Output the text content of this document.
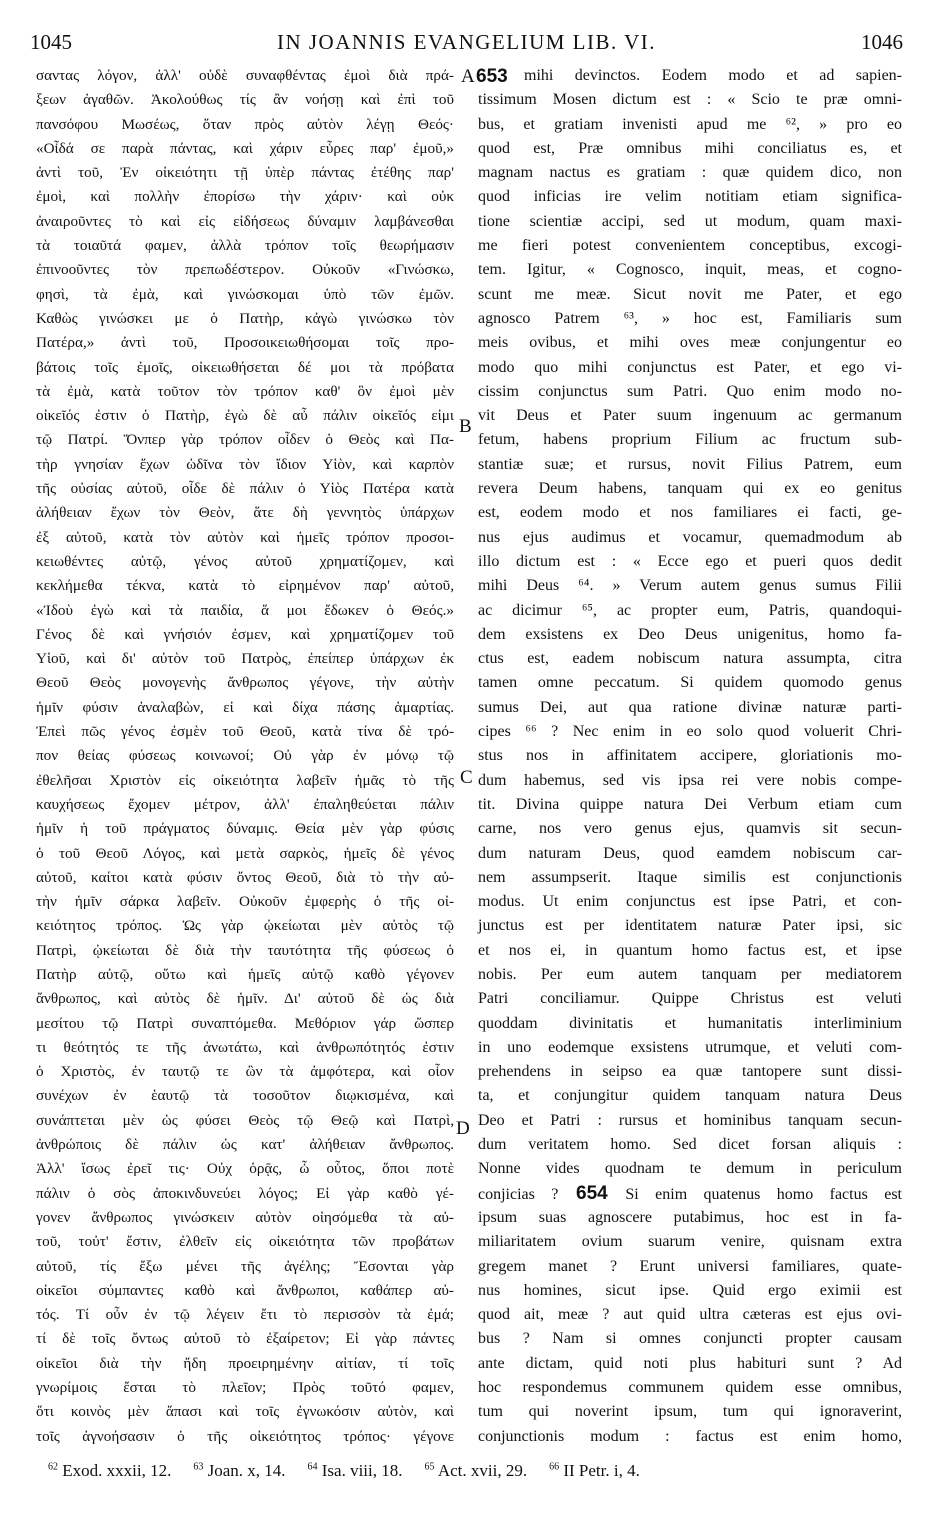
1045	IN JOANNIS EVANGELIUM LIB. VI.	1046
σαντας λόγον, ἀλλ' οὐδὲ συναφθέντας ἐμοὶ διὰ πρά-
ξεων ἀγαθῶν. Ἀκολούθως τίς ἂν νοήσῃ καὶ ἐπὶ τοῦ
πανσόφου Μωσέως, ὅταν πρὸς αὐτὸν λέγῃ Θεός·
«Οἶδά σε παρὰ πάντας, καὶ χάριν εὗρες παρ' ἐμοῦ,»
ἀντὶ τοῦ, Ἐν οἰκειότητι τῇ ὑπὲρ πάντας ἐτέθης παρ'
ἐμοὶ, καὶ πολλὴν ἐπορίσω τὴν χάριν· καὶ οὐκ
ἀναιροῦντες τὸ καὶ εἰς εἰδήσεως δύναμιν λαμβάνεσθαι
τὰ τοιαῦτά φαμεν, ἀλλὰ τρόπον τοῖς θεωρήμασιν
ἐπινοοῦντες τὸν πρεπωδέστερον. Οὐκοῦν «Γινώσκω,
φησὶ, τὰ ἐμὰ, καὶ γινώσκομαι ὑπὸ τῶν ἐμῶν.
Καθὼς γινώσκει με ὁ Πατὴρ, κἀγὼ γινώσκω τὸν
Πατέρα,» ἀντὶ τοῦ, Προσοικειωθήσομαι τοῖς προ-
βάτοις τοῖς ἐμοῖς, οἰκειωθήσεται δέ μοι τὰ πρόβατα
τὰ ἐμὰ, κατὰ τοῦτον τὸν τρόπον καθ' ὃν ἐμοὶ μὲν
οἰκεῖός ἐστιν ὁ Πατὴρ, ἐγὼ δὲ αὖ πάλιν οἰκεῖός εἰμι
τῷ Πατρί. Ὅνπερ γὰρ τρόπον οἶδεν ὁ Θεὸς καὶ Πα-
τὴρ γνησίαν ἔχων ὠδῖνα τὸν ἴδιον Υἱὸν, καὶ καρπὸν
τῆς οὐσίας αὐτοῦ, οἶδε δὲ πάλιν ὁ Υἱὸς Πατέρα κατὰ
ἀλήθειαν ἔχων τὸν Θεὸν, ἅτε δὴ γεννητὸς ὑπάρχων
ἐξ αὐτοῦ, κατὰ τὸν αὐτὸν καὶ ἡμεῖς τρόπον προσοι-
κειωθέντες αὐτῷ, γένος αὐτοῦ χρηματίζομεν, καὶ
κεκλήμεθα τέκνα, κατὰ τὸ εἰρημένον παρ' αὐτοῦ,
«Ἰδοὺ ἐγὼ καὶ τὰ παιδία, ἅ μοι ἔδωκεν ὁ Θεός.»
Γένος δὲ καὶ γνήσιόν ἐσμεν, καὶ χρηματίζομεν τοῦ
Υἱοῦ, καὶ δι' αὐτὸν τοῦ Πατρὸς, ἐπείπερ ὑπάρχων ἐκ
Θεοῦ Θεὸς μονογενὴς ἄνθρωπος γέγονε, τὴν αὐτὴν
ἡμῖν φύσιν ἀναλαβὼν, εἰ καὶ δίχα πάσης ἁμαρτίας.
Ἐπεὶ πῶς γένος ἐσμὲν τοῦ Θεοῦ, κατὰ τίνα δὲ τρό-
πον θείας φύσεως κοινωνοί; Οὐ γὰρ ἐν μόνῳ τῷ
ἐθελῆσαι Χριστὸν εἰς οἰκειότητα λαβεῖν ἡμᾶς τὸ τῆς
καυχήσεως ἔχομεν μέτρον, ἀλλ' ἐπαληθεύεται πάλιν
ἡμῖν ἡ τοῦ πράγματος δύναμις. Θεία μὲν γὰρ φύσις
ὁ τοῦ Θεοῦ Λόγος, καὶ μετὰ σαρκὸς, ἡμεῖς δὲ γένος
αὐτοῦ, καίτοι κατὰ φύσιν ὄντος Θεοῦ, διὰ τὸ τὴν αὐ-
τὴν ἡμῖν σάρκα λαβεῖν. Οὐκοῦν ἐμφερὴς ὁ τῆς οἰ-
κειότητος τρόπος. Ὡς γὰρ ᾠκείωται μὲν αὐτὸς τῷ
Πατρὶ, ᾠκείωται δὲ διὰ τὴν ταυτότητα τῆς φύσεως ὁ
Πατὴρ αὐτῷ, οὕτω καὶ ἡμεῖς αὐτῷ καθὸ γέγονεν
ἄνθρωπος, καὶ αὐτὸς δὲ ἡμῖν. Δι' αὐτοῦ δὲ ὡς διὰ
μεσίτου τῷ Πατρὶ συναπτόμεθα. Μεθόριον γάρ ὥσπερ
τι θεότητός τε τῆς ἀνωτάτω, καὶ ἀνθρωπότητός ἐστιν
ὁ Χριστὸς, ἐν ταυτῷ τε ὢν τὰ ἀμφότερα, καὶ οἷον
συνέχων ἐν ἑαυτῷ τὰ τοσοῦτον διῳκισμένα, καὶ
συνάπτεται μὲν ὡς φύσει Θεὸς τῷ Θεῷ καὶ Πατρὶ,
ἀνθρώποις δὲ πάλιν ὡς κατ' ἀλήθειαν ἄνθρωπος.
Ἀλλ' ἴσως ἐρεῖ τις· Οὐχ ὁρᾷς, ὦ οὗτος, ὅποι ποτὲ
πάλιν ὁ σὸς ἀποκινδυνεύει λόγος; Εἰ γὰρ καθὸ γέ-
γονεν ἄνθρωπος γινώσκειν αὐτὸν οἰησόμεθα τὰ αὐ-
τοῦ, τοὐτ' ἔστιν, ἐλθεῖν εἰς οἰκειότητα τῶν προβάτων
αὐτοῦ, τίς ἔξω μένει τῆς ἀγέλης; Ἔσονται γὰρ
οἰκεῖοι σύμπαντες καθὸ καὶ ἄνθρωποι, καθάπερ αὐ-
τός. Τί οὖν ἐν τῷ λέγειν ἔτι τὸ περισσὸν τὰ ἐμά;
τί δὲ τοῖς ὄντως αὐτοῦ τὸ ἐξαίρετον; Εἰ γὰρ πάντες
οἰκεῖοι διὰ τὴν ἤδη προειρημένην αἰτίαν, τί τοῖς
γνωρίμοις ἔσται τὸ πλεῖον; Πρὸς τοῦτό φαμεν,
ὅτι κοινὸς μὲν ἅπασι καὶ τοῖς ἐγνωκόσιν αὐτὸν, καὶ
τοῖς ἀγνοήσασιν ὁ τῆς οἰκειότητος τρόπος· γέγονε
mihi devinctos. Eodem modo et ad sapien-
tissimum Mosen dictum est : « Scio te præ omni-
bus, et gratiam invenisti apud me ⁶², » pro eo
quod est, Præ omnibus mihi conciliatus es, et
magnam nactus es gratiam : quæ quidem dico, non
quod inficias ire velim notitiam etiam significa-
tione scientiæ accipi, sed ut modum, quam maxi-
me fieri potest convenientem conceptibus, excogi-
tem. Igitur, « Cognosco, inquit, meas, et cogno-
scunt me meæ. Sicut novit me Pater, et ego
agnosco Patrem ⁶³, » hoc est, Familiaris sum
meis ovibus, et mihi oves meæ conjungentur eo
modo quo mihi conjunctus est Pater, et ego vi-
cissim conjunctus sum Patri. Quo enim modo no-
vit Deus et Pater suum ingenuum ac germanum
fetum, habens proprium Filium ac fructum sub-
stantiæ suæ; et rursus, novit Filius Patrem, eum
revera Deum habens, tanquam qui ex eo genitus
est, eodem modo et nos familiares ei facti, ge-
nus ejus audimus et vocamur, quemadmodum ab
illo dictum est : « Ecce ego et pueri quos dedit
mihi Deus ⁶⁴. » Verum autem genus sumus Filii
ac dicimur ⁶⁵, ac propter eum, Patris, quandoqui-
dem exsistens ex Deo Deus unigenitus, homo fa-
ctus est, eadem nobiscum natura assumpta, citra
tamen omne peccatum. Si quidem quomodo genus
sumus Dei, aut qua ratione divinæ naturæ parti-
cipes ⁶⁶ ? Nec enim in eo solo quod voluerit Chri-
stus nos in affinitatem accipere, gloriationis mo-
dum habemus, sed vis ipsa rei vere nobis compe-
tit. Divina quippe natura Dei Verbum etiam cum
carne, nos vero genus ejus, quamvis sit secun-
dum naturam Deus, quod eamdem nobiscum car-
nem assumpserit. Itaque similis est conjunctionis
modus. Ut enim conjunctus est ipse Patri, et con-
junctus est per identitatem naturæ Pater ipsi, sic
et nos ei, in quantum homo factus est, et ipse
nobis. Per eum autem tanquam per mediatorem
Patri conciliamur. Quippe Christus est veluti
quoddam divinitatis et humanitatis interliminium
in uno eodemque exsistens utrumque, et veluti com-
prehendens in seipso ea quæ tantopere sunt dissi-
ta, et conjungitur quidem tanquam natura Deus
Deo et Patri : rursus et hominibus tanquam secun-
dum veritatem homo. Sed dicet forsan aliquis :
Nonne vides quodnam te demum in periculum
conjicias ? 654 Si enim quatenus homo factus est
ipsum suas agnoscere putabimus, hoc est in fa-
miliaritatem ovium suarum venire, quisnam extra
gregem manet ? Erunt universi familiares, quate-
nus homines, sicut ipse. Quid ergo eximii est
quod ait, meæ ? aut quid ultra cæteras est ejus ovi-
bus ? Nam si omnes conjuncti propter causam
ante dictam, quid noti plus habituri sunt ? Ad
hoc respondemus communem quidem esse omnibus,
tum qui noverint ipsum, tum qui ignoraverint,
conjunctionis modum : factus est enim homo,
A 653
B
C
D
$^{62}$ Exod. xxxii, 12. $^{63}$ Joan. x, 14. $^{64}$ Isa. viii, 18. $^{65}$ Act. xvii, 29. $^{66}$ II Petr. i, 4.
